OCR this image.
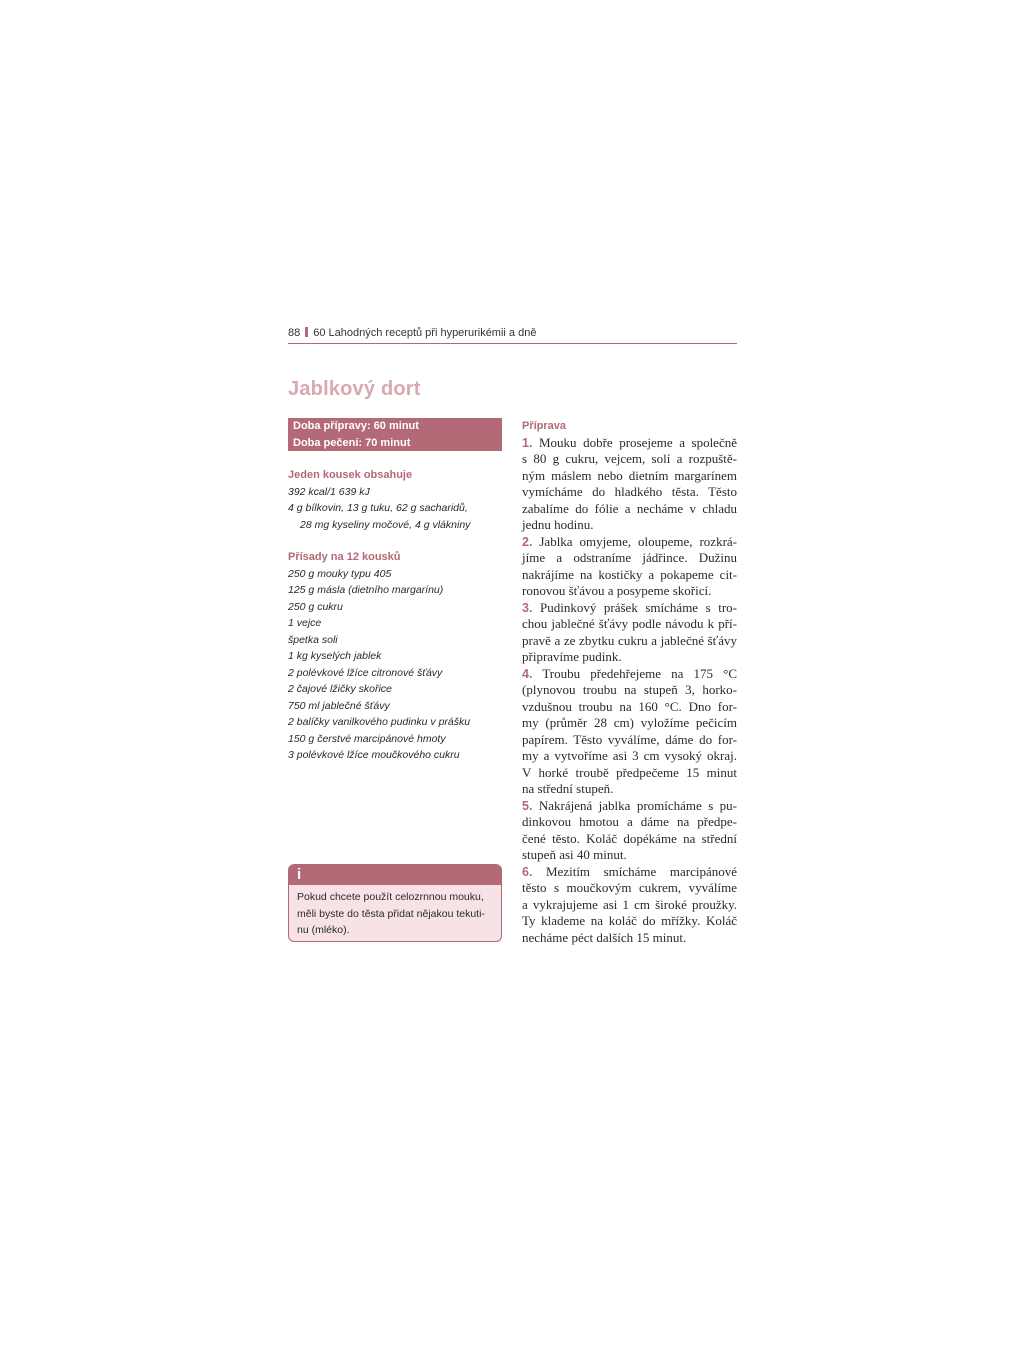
88 60 Lahodných receptů při hyperurikémii a dně
Jablkový dort
Doba přípravy: 60 minut
Doba pečení: 70 minut

Jeden kousek obsahuje

392 kcal/1 639 kJ

4 g bílkovin, 13 g tuku, 62 g sacharidů,

28 mg kyseliny močové, 4 g vlákniny

Přísady na 12 kousků

250 g mouky typu 405

125 g másla (dietního margarínu)

250 g cukru

1 vejce

špetka soli

1 kg kyselých jablek

2 polévkové lžíce citronové šťávy

2 čajové lžičky skořice

750 ml jablečné šťávy

2 balíčky vanilkového pudinku v prášku

150 g čerstvé marcipánové hmoty

3 polévkové lžíce moučkového cukru

i
Pokud chcete použít celozrnnou mouku,
měli byste do těsta přidat nějakou tekuti-
nu (mléko).

Příprava

1. Mouku dobře prosejeme a společně

s 80 g cukru, vejcem, solí a rozpuště-

ným máslem nebo dietním margarínem

vymícháme do hladkého těsta. Těsto

zabalíme do fólie a necháme v chladu

jednu hodinu.

2. Jablka omyjeme, oloupeme, rozkrá-

jíme a odstraníme jádřince. Dužinu

nakrájíme na kostičky a pokapeme cit-

ronovou šťávou a posypeme skořicí.

3. Pudinkový prášek smícháme s tro-

chou jablečné šťávy podle návodu k pří-

pravě a ze zbytku cukru a jablečné šťávy

připravíme pudink.

4. Troubu předehřejeme na 175 °C

(plynovou troubu na stupeň 3, horko-

vzdušnou troubu na 160 °C. Dno for-

my (průměr 28 cm) vyložíme pečicím

papírem. Těsto vyválíme, dáme do for-

my a vytvoříme asi 3 cm vysoký okraj.

V horké troubě předpečeme 15 minut

na střední stupeň.

5. Nakrájená jablka promícháme s pu-

dinkovou hmotou a dáme na předpe-

čené těsto. Koláč dopékáme na střední

stupeň asi 40 minut.

6. Mezitím smícháme marcipánové

těsto s moučkovým cukrem, vyválíme

a vykrajujeme asi 1 cm široké proužky.

Ty klademe na koláč do mřížky. Koláč

necháme péct dalších 15 minut.
